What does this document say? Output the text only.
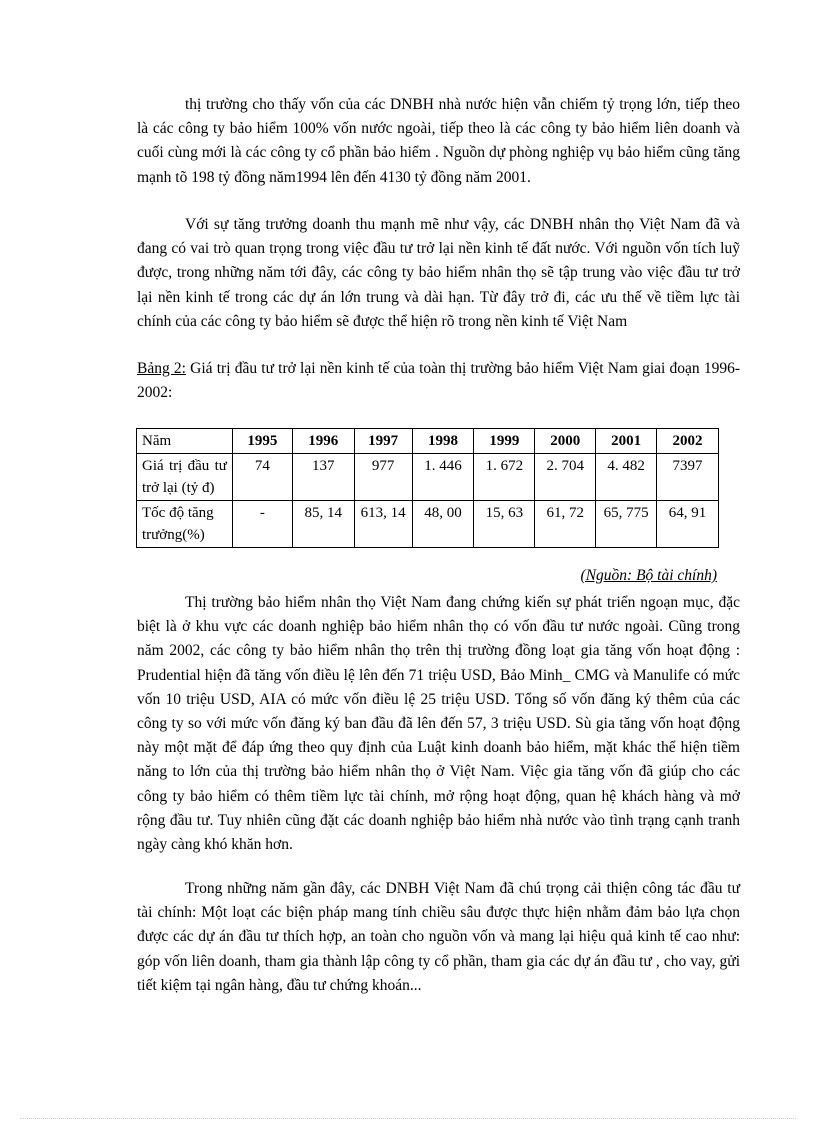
thị trường cho thấy vốn của các DNBH nhà nước hiện vẫn chiếm tỷ trọng lớn, tiếp theo là các công ty bảo hiểm 100% vốn nước ngoài, tiếp theo là các công ty bảo hiểm liên doanh và cuối cùng mới là các công ty cổ phần bảo hiểm . Nguồn dự phòng nghiệp vụ bảo hiểm cũng tăng mạnh tõ 198 tỷ đồng năm1994 lên đến 4130 tỷ đồng năm 2001.

Với sự tăng trưởng doanh thu mạnh mẽ như vậy, các DNBH nhân thọ Việt Nam đã và đang có vai trò quan trọng trong việc đầu tư trở lại nền kinh tế đất nước. Với nguồn vốn tích luỹ được, trong những năm tới đây, các công ty bảo hiểm nhân thọ sẽ tập trung vào việc đầu tư trở lại nền kinh tế trong các dự án lớn trung và dài hạn. Từ đây trở đi, các ưu thế về tiềm lực tài chính của các công ty bảo hiểm sẽ được thể hiện rõ trong nền kinh tế Việt Nam

Bảng 2: Giá trị đầu tư trở lại nền kinh tế của toàn thị trường bảo hiểm Việt Nam giai đoạn 1996-2002:

Năm	1995	1996	1997	1998	1999	2000	2001	2002
Giá trị đầu tư trở lại (tỷ đ)	74	137	977	1. 446	1. 672	2. 704	4. 482	7397
Tốc độ tăng trưởng(%)	-	85, 14	613, 14	48, 00	15, 63	61, 72	65, 775	64, 91
(Nguồn: Bộ tài chính)

Thị trường bảo hiểm nhân thọ Việt Nam đang chứng kiến sự phát triển ngoạn mục, đặc biệt là ở khu vực các doanh nghiệp bảo hiểm nhân thọ có vốn đầu tư nước ngoài. Cũng trong năm 2002, các công ty bảo hiểm nhân thọ trên thị trường đồng loạt gia tăng vốn hoạt động : Prudential hiện đã tăng vốn điều lệ lên đến 71 triệu USD, Bảo Minh_ CMG và Manulife có mức vốn 10 triệu USD, AIA có mức vốn điều lệ 25 triệu USD. Tổng số vốn đăng ký thêm của các công ty so với mức vốn đăng ký ban đầu đã lên đến 57, 3 triệu USD. Sù gia tăng vốn hoạt động này một mặt để đáp ứng theo quy định của Luật kinh doanh bảo hiểm, mặt khác thể hiện tiềm năng to lớn của thị trường bảo hiểm nhân thọ ở Việt Nam. Việc gia tăng vốn đã giúp cho các công ty bảo hiểm có thêm tiềm lực tài chính, mở rộng hoạt động, quan hệ khách hàng và mở rộng đầu tư. Tuy nhiên cũng đặt các doanh nghiệp bảo hiểm nhà nước vào tình trạng cạnh tranh ngày càng khó khăn hơn.

Trong những năm gần đây, các DNBH Việt Nam đã chú trọng cải thiện công tác đầu tư tài chính: Một loạt các biện pháp mang tính chiều sâu được thực hiện nhằm đảm bảo lựa chọn được các dự án đầu tư thích hợp, an toàn cho nguồn vốn và mang lại hiệu quả kinh tế cao như: góp vốn liên doanh, tham gia thành lập công ty cổ phần, tham gia các dự án đầu tư , cho vay, gửi tiết kiệm tại ngân hàng, đầu tư chứng khoán...
